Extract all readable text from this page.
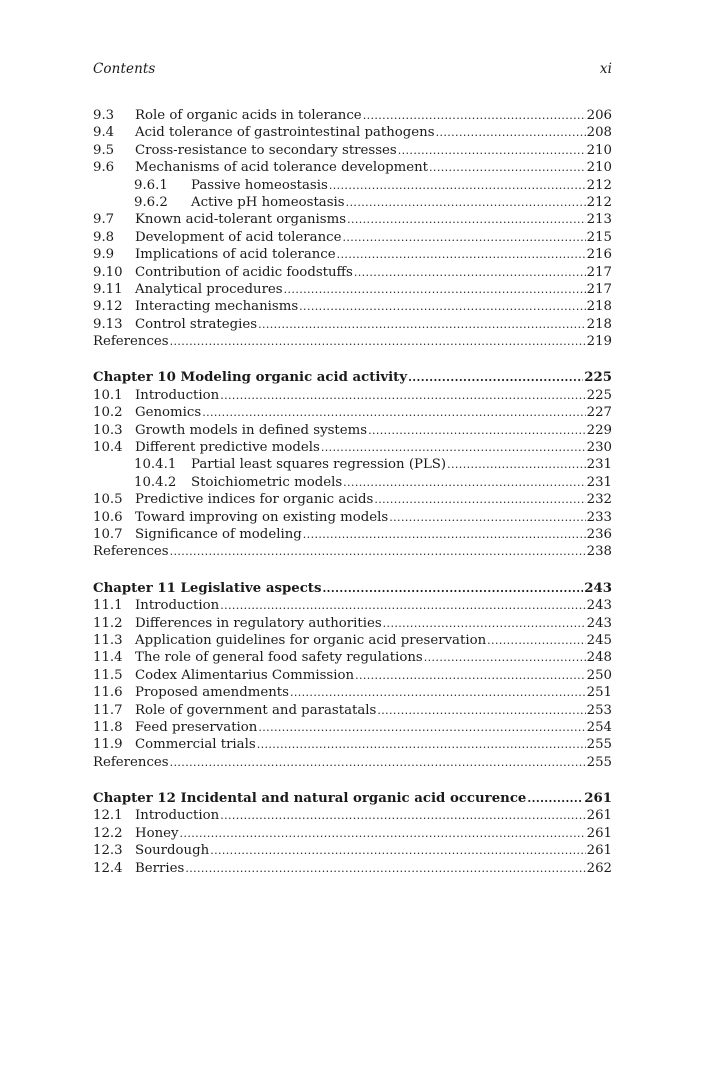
Contents	xi
9.3	Role of organic acids in tolerance .....	206
9.4	Acid tolerance of gastrointestinal pathogens .....	208
9.5	Cross-resistance to secondary stresses .....	210
9.6	Mechanisms of acid tolerance development .....	210
9.6.1	Passive homeostasis .....	212
9.6.2	Active pH homeostasis .....	212
9.7	Known acid-tolerant organisms .....	213
9.8	Development of acid tolerance .....	215
9.9	Implications of acid tolerance .....	216
9.10 Contribution of acidic foodstuffs .....	217
9.11 Analytical procedures .....	217
9.12 Interacting mechanisms .....	218
9.13 Control strategies .....	218
References .....	219
Chapter 10 Modeling organic acid activity .....	225
10.1 Introduction .....	225
10.2 Genomics .....	227
10.3 Growth models in defined systems .....	229
10.4 Different predictive models .....	230
10.4.1	Partial least squares regression (PLS) .....	231
10.4.2	Stoichiometric models .....	231
10.5 Predictive indices for organic acids .....	232
10.6 Toward improving on existing models .....	233
10.7 Significance of modeling .....	236
References .....	238
Chapter 11 Legislative aspects .....	243
11.1 Introduction .....	243
11.2 Differences in regulatory authorities .....	243
11.3 Application guidelines for organic acid preservation .....	245
11.4 The role of general food safety regulations .....	248
11.5 Codex Alimentarius Commission .....	250
11.6 Proposed amendments .....	251
11.7 Role of government and parastatals .....	253
11.8 Feed preservation .....	254
11.9 Commercial trials .....	255
References .....	255
Chapter 12 Incidental and natural organic acid occurence .....	261
12.1 Introduction .....	261
12.2 Honey .....	261
12.3 Sourdough .....	261
12.4 Berries .....	262
